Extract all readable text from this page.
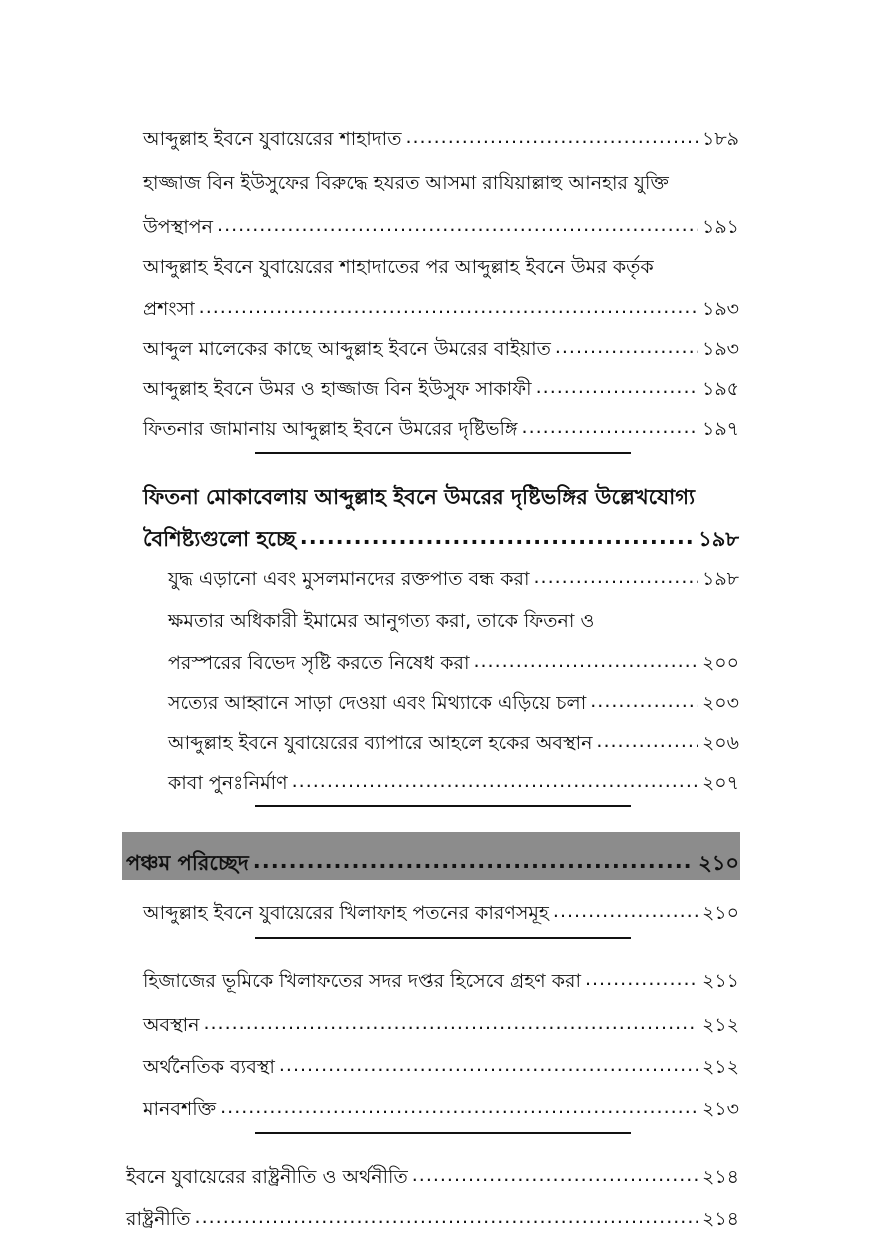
আব্দুল্লাহ ইবনে যুবায়েরের শাহাদাত .....	১৮৯
হাজ্জাজ বিন ইউসুফের বিরুদ্ধে হযরত আসমা রাযিয়াল্লাহু আনহার যুক্তি
উপস্থাপন .....	১৯১
আব্দুল্লাহ ইবনে যুবায়েরের শাহাদাতের পর আব্দুল্লাহ ইবনে উমর কর্তৃক
প্রশংসা .....	১৯৩
আব্দুল মালেকের কাছে আব্দুল্লাহ ইবনে উমরের বাইয়াত .....	১৯৩
আব্দুল্লাহ ইবনে উমর ও হাজ্জাজ বিন ইউসুফ সাকাফী .....	১৯৫
ফিতনার জামানায় আব্দুল্লাহ ইবনে উমরের দৃষ্টিভঙ্গি .....	১৯৭
ফিতনা মোকাবেলায় আব্দুল্লাহ ইবনে উমরের দৃষ্টিভঙ্গির উল্লেখযোগ্য
বৈশিষ্ট্যগুলো হচ্ছে .....	১৯৮
যুদ্ধ এড়ানো এবং মুসলমানদের রক্তপাত বন্ধ করা .....	১৯৮
ক্ষমতার অধিকারী ইমামের আনুগত্য করা, তাকে ফিতনা ও
পরস্পরের বিভেদ সৃষ্টি করতে নিষেধ করা .....	২০০
সত্যের আহ্বানে সাড়া দেওয়া এবং মিথ্যাকে এড়িয়ে চলা .....	২০৩
আব্দুল্লাহ ইবনে যুবায়েরের ব্যাপারে আহলে হকের অবস্থান .....	২০৬
কাবা পুনঃনির্মাণ .....	২০৭
পঞ্চম পরিচ্ছেদ .....	২১০
আব্দুল্লাহ ইবনে যুবায়েরের খিলাফাহ পতনের কারণসমূহ .....	২১০
হিজাজের ভূমিকে খিলাফতের সদর দপ্তর হিসেবে গ্রহণ করা .....	২১১
অবস্থান .....	২১২
অর্থনৈতিক ব্যবস্থা .....	২১২
মানবশক্তি .....	২১৩
ইবনে যুবায়েরের রাষ্ট্রনীতি ও অর্থনীতি .....	২১৪
রাষ্ট্রনীতি .....	২১৪
